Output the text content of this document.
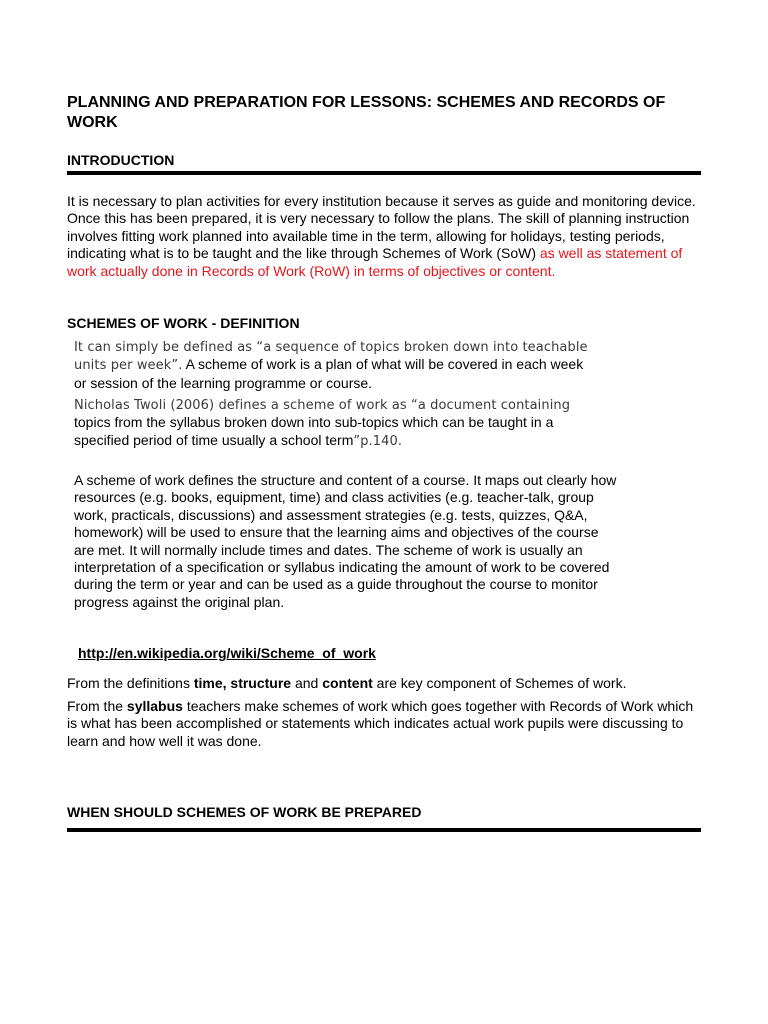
PLANNING AND PREPARATION FOR LESSONS: SCHEMES AND RECORDS OF WORK
INTRODUCTION

It is necessary to plan activities for every institution because it serves as guide and monitoring device. Once this has been prepared, it is very necessary to follow the plans. The skill of planning instruction involves fitting work planned into available time in the term, allowing for holidays, testing periods, indicating what is to be taught and the like through Schemes of Work (SoW) as well as statement of work actually done in Records of Work (RoW) in terms of objectives or content.

SCHEMES OF WORK - DEFINITION
It can simply be defined as “a sequence of topics broken down into teachable
units per week”. A scheme of work is a plan of what will be covered in each week
or session of the learning programme or course.
Nicholas Twoli (2006) defines a scheme of work as “a document containing
topics from the syllabus broken down into sub-topics which can be taught in a
specified period of time usually a school term”p.140.

A scheme of work defines the structure and content of a course. It maps out clearly how resources (e.g. books, equipment, time) and class activities (e.g. teacher-talk, group work, practicals, discussions) and assessment strategies (e.g. tests, quizzes, Q&A, homework) will be used to ensure that the learning aims and objectives of the course are met. It will normally include times and dates. The scheme of work is usually an interpretation of a specification or syllabus indicating the amount of work to be covered during the term or year and can be used as a guide throughout the course to monitor progress against the original plan.

http://en.wikipedia.org/wiki/Scheme_of_work

From the definitions time, structure and content are key component of Schemes of work.

From the syllabus teachers make schemes of work which goes together with Records of Work which is what has been accomplished or statements which indicates actual work pupils were discussing to learn and how well it was done.

WHEN SHOULD SCHEMES OF WORK BE PREPARED
